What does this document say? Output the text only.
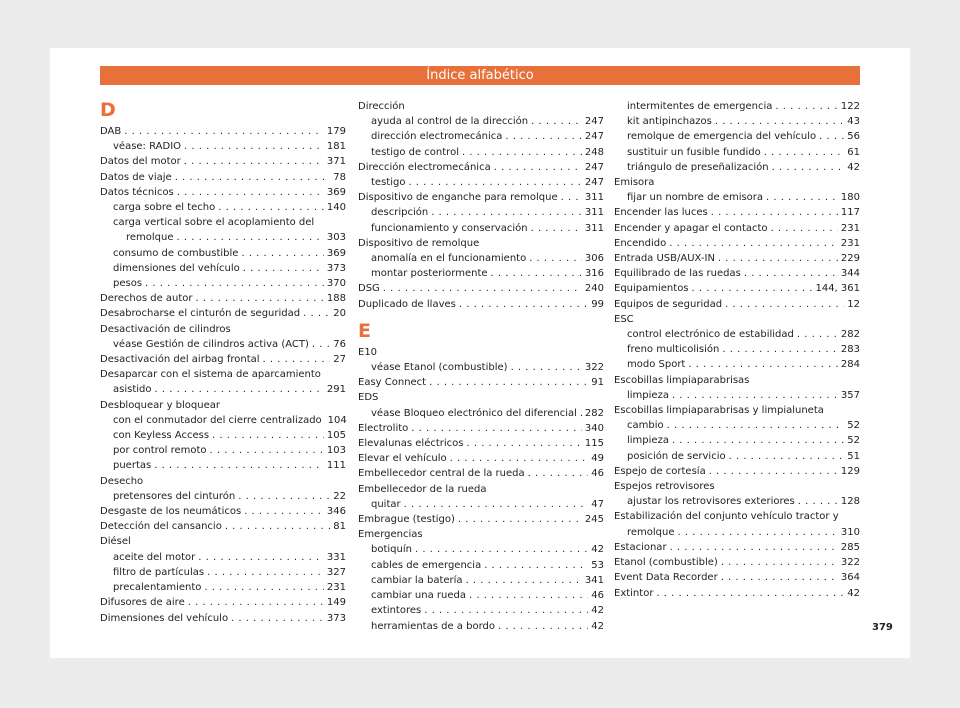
Índice alfabético
D
DAB . . .	179
véase: RADIO . . .	181
Datos del motor . . .	371
Datos de viaje . . .	78
Datos técnicos . . .	369
carga sobre el techo . . .	140
carga vertical sobre el acoplamiento del
remolque . . .	303
consumo de combustible . . .	369
dimensiones del vehículo . . .	373
pesos . . .	370
Derechos de autor . . .	188
Desabrocharse el cinturón de seguridad . . .	20
Desactivación de cilindros
véase Gestión de cilindros activa (ACT) . . . 76
Desactivación del airbag frontal . . .	27
Desaparcar con el sistema de aparcamiento
asistido . . .	291
Desbloquear y bloquear
con el conmutador del cierre centralizado 104
con Keyless Access . . .	105
por control remoto . . .	103
puertas . . .	111
Desecho
pretensores del cinturón . . .	22
Desgaste de los neumáticos . . .	346
Detección del cansancio . . .	81
Diésel
aceite del motor . . .	331
filtro de partículas . . .	327
precalentamiento . . .	231
Difusores de aire . . .	149
Dimensiones del vehículo . . .	373
Dirección
ayuda al control de la dirección . . .	247
dirección electromecánica . . .	247
testigo de control . . .	248
Dirección electromecánica . . .	247
testigo . . .	247
Dispositivo de enganche para remolque . . .	311
descripción . . .	311
funcionamiento y conservación . . .	311
Dispositivo de remolque
anomalía en el funcionamiento . . .	306
montar posteriormente . . .	316
DSG . . .	240
Duplicado de llaves . . .	99
E
E10
véase Etanol (combustible) . . .	322
Easy Connect . . .	91
EDS
véase Bloqueo electrónico del diferencial . . . 282
Electrolito . . .	340
Elevalunas eléctricos . . .	115
Elevar el vehículo . . .	49
Embellecedor central de la rueda . . .	46
Embellecedor de la rueda
quitar . . .	47
Embrague (testigo) . . .	245
Emergencias
botiquín . . .	42
cables de emergencia . . .	53
cambiar la batería . . .	341
cambiar una rueda . . .	46
extintores . . .	42
herramientas de a bordo . . .	42
intermitentes de emergencia . . .	122
kit antipinchazos . . .	43
remolque de emergencia del vehículo . . .	56
sustituir un fusible fundido . . .	61
triángulo de preseñalización . . .	42
Emisora
fijar un nombre de emisora . . .	180
Encender las luces . . .	117
Encender y apagar el contacto . . .	231
Encendido . . .	231
Entrada USB/AUX-IN . . .	229
Equilibrado de las ruedas . . .	344
Equipamientos . . .	144, 361
Equipos de seguridad . . .	12
ESC
control electrónico de estabilidad . . .	282
freno multicolisión . . .	283
modo Sport . . .	284
Escobillas limpiaparabrisas
limpieza . . .	357
Escobillas limpiaparabrisas y limpialuneta
cambio . . .	52
limpieza . . .	52
posición de servicio . . .	51
Espejo de cortesía . . .	129
Espejos retrovisores
ajustar los retrovisores exteriores . . .	128
Estabilización del conjunto vehículo tractor y
remolque . . .	310
Estacionar . . .	285
Etanol (combustible) . . .	322
Event Data Recorder . . .	364
Extintor . . .	42
379
